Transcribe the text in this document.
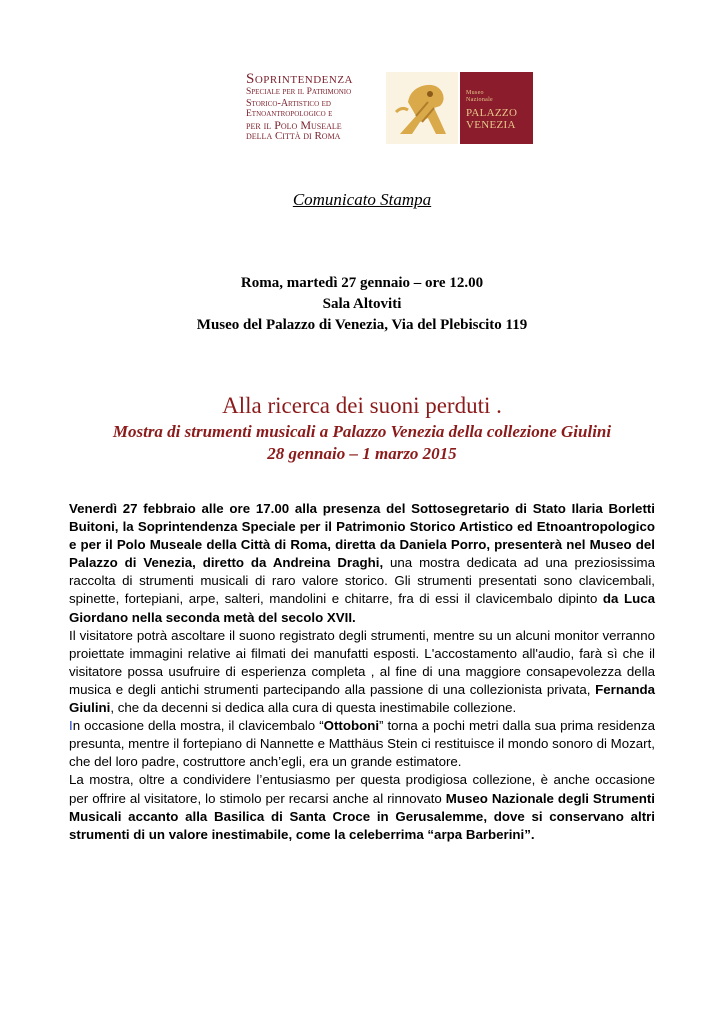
Soprintendenza
Speciale per il Patrimonio
Storico-Artistico ed
Etnoantropologico e
per il Polo Museale
della Città di Roma
Museo
Nazionale
PALAZZO
VENEZIA
Comunicato Stampa
Roma, martedì 27 gennaio – ore 12.00
Sala Altoviti
Museo del Palazzo di Venezia, Via del Plebiscito 119
Alla ricerca dei suoni perduti .
Mostra di strumenti musicali a Palazzo Venezia della collezione Giulini
28 gennaio – 1 marzo 2015

Venerdì 27 febbraio alle ore 17.00 alla presenza del Sottosegretario di Stato Ilaria Borletti Buitoni, la Soprintendenza Speciale per il Patrimonio Storico Artistico ed Etnoantropologico e per il Polo Museale della Città di Roma, diretta da Daniela Porro, presenterà nel Museo del Palazzo di Venezia, diretto da Andreina Draghi, una mostra dedicata ad una preziosissima raccolta di strumenti musicali di raro valore storico. Gli strumenti presentati sono clavicembali, spinette, fortepiani, arpe, salteri, mandolini e chitarre, fra di essi il clavicembalo dipinto da Luca Giordano nella seconda metà del secolo XVII.

Il visitatore potrà ascoltare il suono registrato degli strumenti, mentre su un alcuni monitor verranno proiettate immagini relative ai filmati dei manufatti esposti. L'accostamento all'audio, farà sì che il visitatore possa usufruire di esperienza completa , al fine di una maggiore consapevolezza della musica e degli antichi strumenti partecipando alla passione di una collezionista privata, Fernanda Giulini, che da decenni si dedica alla cura di questa inestimabile collezione.

In occasione della mostra, il clavicembalo “Ottoboni” torna a pochi metri dalla sua prima residenza presunta, mentre il fortepiano di Nannette e Matthäus Stein ci restituisce il mondo sonoro di Mozart, che del loro padre, costruttore anch’egli, era un grande estimatore.

La mostra, oltre a condividere l’entusiasmo per questa prodigiosa collezione, è anche occasione per offrire al visitatore, lo stimolo per recarsi anche al rinnovato Museo Nazionale degli Strumenti Musicali accanto alla Basilica di Santa Croce in Gerusalemme, dove si conservano altri strumenti di un valore inestimabile, come la celeberrima “arpa Barberini”.
